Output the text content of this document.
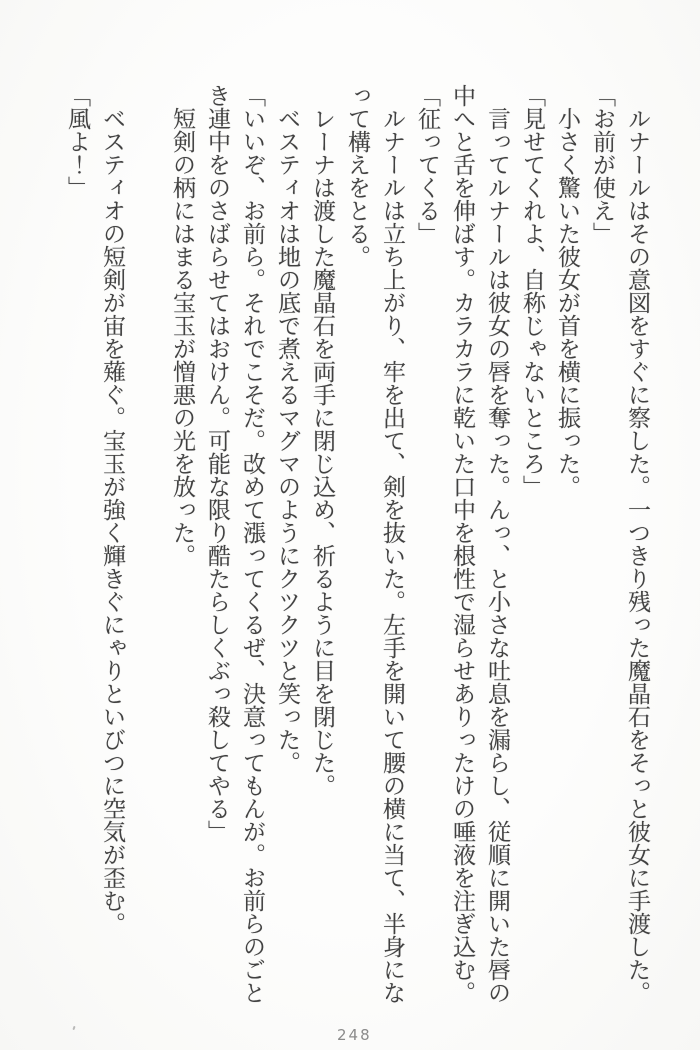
ルナールはその意図をすぐに察した。一つきり残った魔晶石をそっと彼女に手渡した。

「お前が使え」

小さく驚いた彼女が首を横に振った。

「見せてくれよ、自称じゃないところ」

言ってルナールは彼女の唇を奪った。んっ、と小さな吐息を漏らし、従順に開いた唇の中へと舌を伸ばす。カラカラに乾いた口中を根性で湿らせありったけの唾液を注ぎ込む。

「征ってくる」

ルナールは立ち上がり、牢を出て、剣を抜いた。左手を開いて腰の横に当て、半身になって構えをとる。

レーナは渡した魔晶石を両手に閉じ込め、祈るように目を閉じた。

ベスティオは地の底で煮えるマグマのようにクツクツと笑った。

「いいぞ、お前ら。それでこそだ。改めて漲ってくるぜ、決意ってもんが。お前らのごとき連中をのさばらせてはおけん。可能な限り酷たらしくぶっ殺してやる」

短剣の柄にはまる宝玉が憎悪の光を放った。

ベスティオの短剣が宙を薙ぐ。宝玉が強く輝きぐにゃりといびつに空気が歪む。

「風よ！」

248
